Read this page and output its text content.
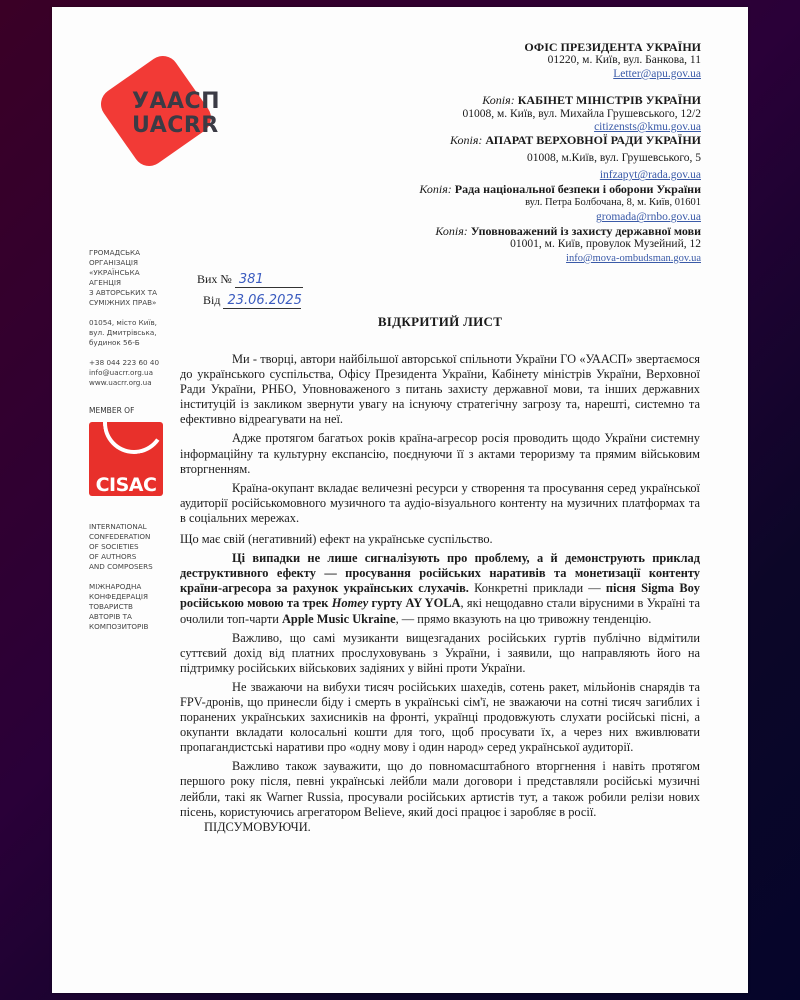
УААСП
UACRR
ГРОМАДСЬКА
ОРГАНІЗАЦІЯ
«УКРАЇНСЬКА
АГЕНЦІЯ
З АВТОРСЬКИХ ТА
СУМІЖНИХ ПРАВ»
01054, місто Київ,
вул. Дмитрівська,
будинок 56-Б
+38 044 223 60 40
info@uacrr.org.ua
www.uacrr.org.ua
MEMBER OF
CISAC
INTERNATIONAL
CONFEDERATION
OF SOCIETIES
OF AUTHORS
AND COMPOSERS
МІЖНАРОДНА
КОНФЕДЕРАЦІЯ
ТОВАРИСТВ
АВТОРІВ ТА
КОМПОЗИТОРІВ
ОФІС ПРЕЗИДЕНТА УКРАЇНИ
01220, м. Київ, вул. Банкова, 11
Letter@apu.gov.ua
Копія: КАБІНЕТ МІНІСТРІВ УКРАЇНИ
01008, м. Київ, вул. Михайла Грушевського, 12/2
citizensts@kmu.gov.ua
Копія: АПАРАТ ВЕРХОВНОЇ РАДИ УКРАЇНИ
01008, м.Київ, вул. Грушевського, 5
infzapyt@rada.gov.ua
Копія: Рада національної безпеки і оборони України
вул. Петра Болбочана, 8, м. Київ, 01601
gromada@rnbo.gov.ua
Копія: Уповноважений із захисту державної мови
01001, м. Київ, провулок Музейний, 12
info@mova-ombudsman.gov.ua
Вих № 381
Від 23.06.2025
ВІДКРИТИЙ ЛИСТ

Ми - творці, автори найбільшої авторської спільноти України ГО «УААСП» звертаємося до українського суспільства, Офісу Президента України, Кабінету міністрів України, Верховної Ради України, РНБО, Уповноваженого з питань захисту державної мови, та інших державних інституцій із закликом звернути увагу на існуючу стратегічну загрозу та, нарешті, системно та ефективно відреагувати на неї.

Адже протягом багатьох років країна-агресор росія проводить щодо України системну інформаційну та культурну експансію, поєднуючи її з актами тероризму та прямим військовим вторгненням.

Країна-окупант вкладає величезні ресурси у створення та просування серед української аудиторії російськомовного музичного та аудіо-візуального контенту на музичних платформах та в соціальних мережах.

Що має свій (негативний) ефект на українське суспільство.

Ці випадки не лише сигналізують про проблему, а й демонструють приклад деструктивного ефекту — просування російських наративів та монетизації контенту країни-агресора за рахунок українських слухачів. Конкретні приклади — пісня Sigma Boy російською мовою та трек Homey гурту AY YOLA, які нещодавно стали вірусними в Україні та очолили топ-чарти Apple Music Ukraine, — прямо вказують на цю тривожну тенденцію.

Важливо, що самі музиканти вищезгаданих російських гуртів публічно відмітили суттєвий дохід від платних прослуховувань з України, і заявили, що направляють його на підтримку російських військових задіяних у війні проти України.

Не зважаючи на вибухи тисяч російських шахедів, сотень ракет, мільйонів снарядів та FPV-дронів, що принесли біду і смерть в українські сім'ї, не зважаючи на сотні тисяч загиблих і поранених українських захисників на фронті, українці продовжують слухати російські пісні, а окупанти вкладати колосальні кошти для того, щоб просувати їх, а через них вживлювати пропагандистські наративи про «одну мову і один народ» серед української аудиторії.

Важливо також зауважити, що до повномасштабного вторгнення і навіть протягом першого року після, певні українські лейбли мали договори і представляли російські музичні лейбли, такі як Warner Russia, просували російських артистів тут, а також робили релізи нових пісень, користуючись агрегатором Believe, який досі працює і заробляє в росії.

ПІДСУМОВУЮЧИ.
